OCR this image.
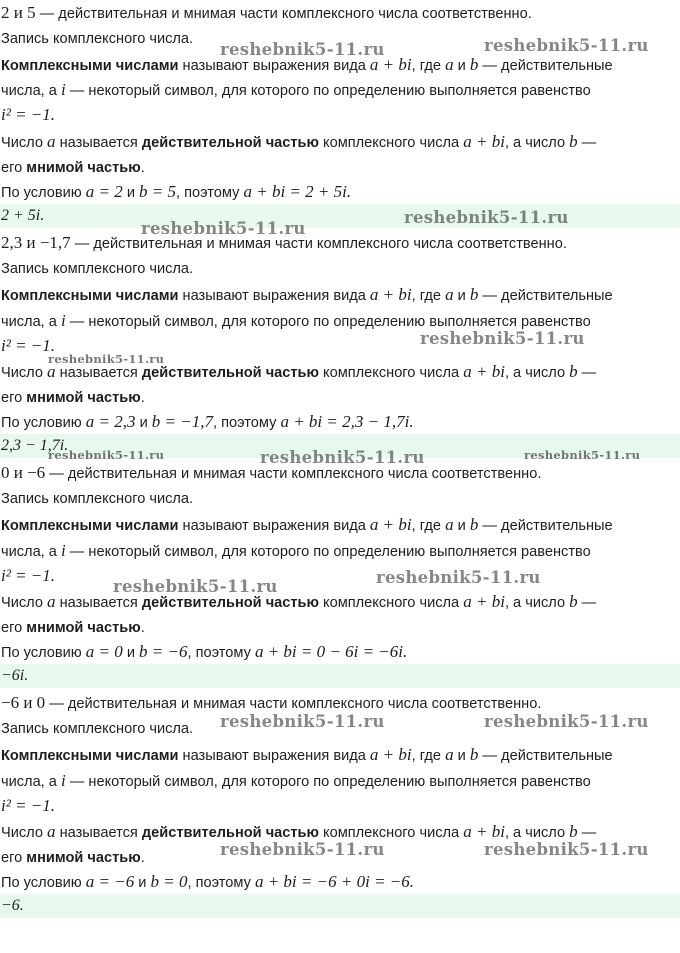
2 и 5 — действительная и мнимая части комплексного числа соответственно.
Запись комплексного числа.
Комплексными числами называют выражения вида a + bi, где a и b — действительные
числа, а i — некоторый символ, для которого по определению выполняется равенство
i² = −1.
Число a называется действительной частью комплексного числа a + bi, а число b —
его мнимой частью.
По условию a = 2 и b = 5, поэтому a + bi = 2 + 5i.
2 + 5i.
2,3 и −1,7 — действительная и мнимая части комплексного числа соответственно.
Запись комплексного числа.
Комплексными числами называют выражения вида a + bi, где a и b — действительные
числа, а i — некоторый символ, для которого по определению выполняется равенство
i² = −1.
Число a называется действительной частью комплексного числа a + bi, а число b —
его мнимой частью.
По условию a = 2,3 и b = −1,7, поэтому a + bi = 2,3 − 1,7i.
2,3 − 1,7i.
0 и −6 — действительная и мнимая части комплексного числа соответственно.
Запись комплексного числа.
Комплексными числами называют выражения вида a + bi, где a и b — действительные
числа, а i — некоторый символ, для которого по определению выполняется равенство
i² = −1.
Число a называется действительной частью комплексного числа a + bi, а число b —
его мнимой частью.
По условию a = 0 и b = −6, поэтому a + bi = 0 − 6i = −6i.
−6i.
−6 и 0 — действительная и мнимая части комплексного числа соответственно.
Запись комплексного числа.
Комплексными числами называют выражения вида a + bi, где a и b — действительные
числа, а i — некоторый символ, для которого по определению выполняется равенство
i² = −1.
Число a называется действительной частью комплексного числа a + bi, а число b —
его мнимой частью.
По условию a = −6 и b = 0, поэтому a + bi = −6 + 0i = −6.
−6.
reshebnik5-11.ru	reshebnik5-11.ru
reshebnik5-11.ru
reshebnik5-11.ru
reshebnik5-11.ru
reshebnik5-11.ru
reshebnik5-11.ru	reshebnik5-11.ru	reshebnik5-11.ru
reshebnik5-11.ru	reshebnik5-11.ru
reshebnik5-11.ru	reshebnik5-11.ru
reshebnik5-11.ru	reshebnik5-11.ru
